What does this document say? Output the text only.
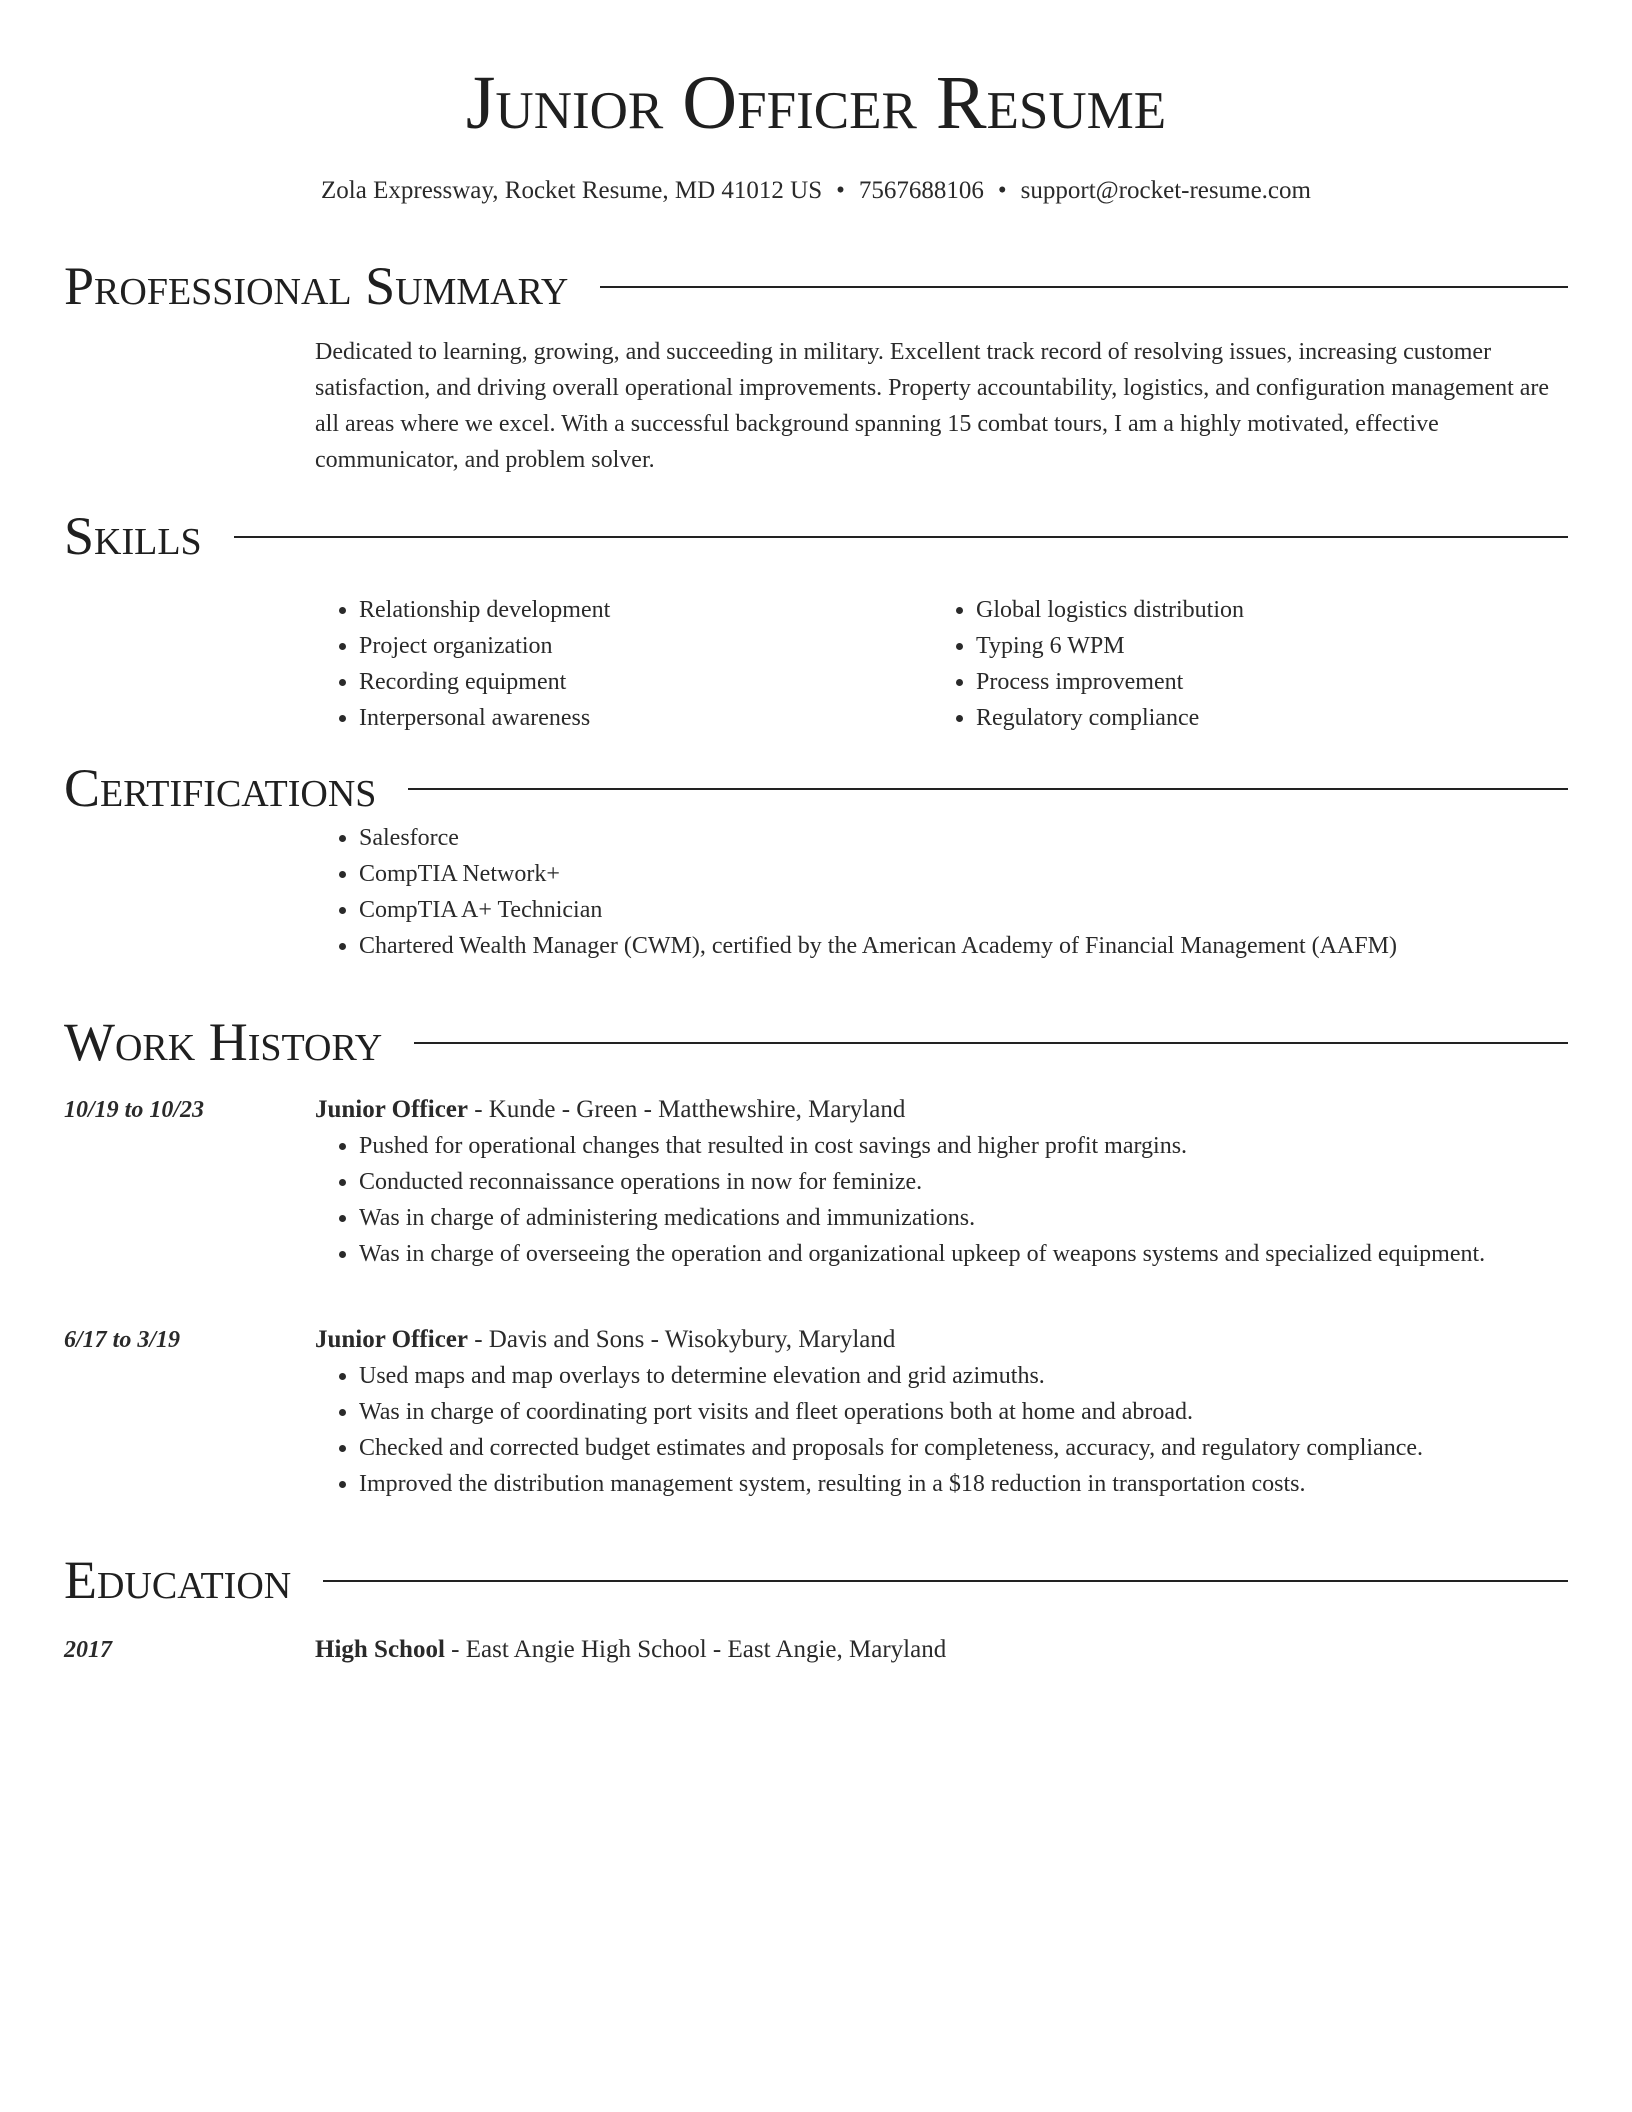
Junior Officer Resume
Zola Expressway, Rocket Resume, MD 41012 US • 7567688106 • support@rocket-resume.com
Professional Summary

Dedicated to learning, growing, and succeeding in military. Excellent track record of resolving issues, increasing customer satisfaction, and driving overall operational improvements. Property accountability, logistics, and configuration management are all areas where we excel. With a successful background spanning 15 combat tours, I am a highly motivated, effective communicator, and problem solver.

Skills
• Relationship development
• Project organization
• Recording equipment
• Interpersonal awareness
• Global logistics distribution
• Typing 6 WPM
• Process improvement
• Regulatory compliance
Certifications
• Salesforce
• CompTIA Network+
• CompTIA A+ Technician
• Chartered Wealth Manager (CWM), certified by the American Academy of Financial Management (AAFM)
Work History
10/19 to 10/23	Junior Officer - Kunde - Green - Matthewshire, Maryland
• Pushed for operational changes that resulted in cost savings and higher profit margins.
• Conducted reconnaissance operations in now for feminize.
• Was in charge of administering medications and immunizations.
• Was in charge of overseeing the operation and organizational upkeep of weapons systems and specialized equipment.
6/17 to 3/19	Junior Officer - Davis and Sons - Wisokybury, Maryland
• Used maps and map overlays to determine elevation and grid azimuths.
• Was in charge of coordinating port visits and fleet operations both at home and abroad.
• Checked and corrected budget estimates and proposals for completeness, accuracy, and regulatory compliance.
• Improved the distribution management system, resulting in a $18 reduction in transportation costs.
Education
2017	High School - East Angie High School - East Angie, Maryland
